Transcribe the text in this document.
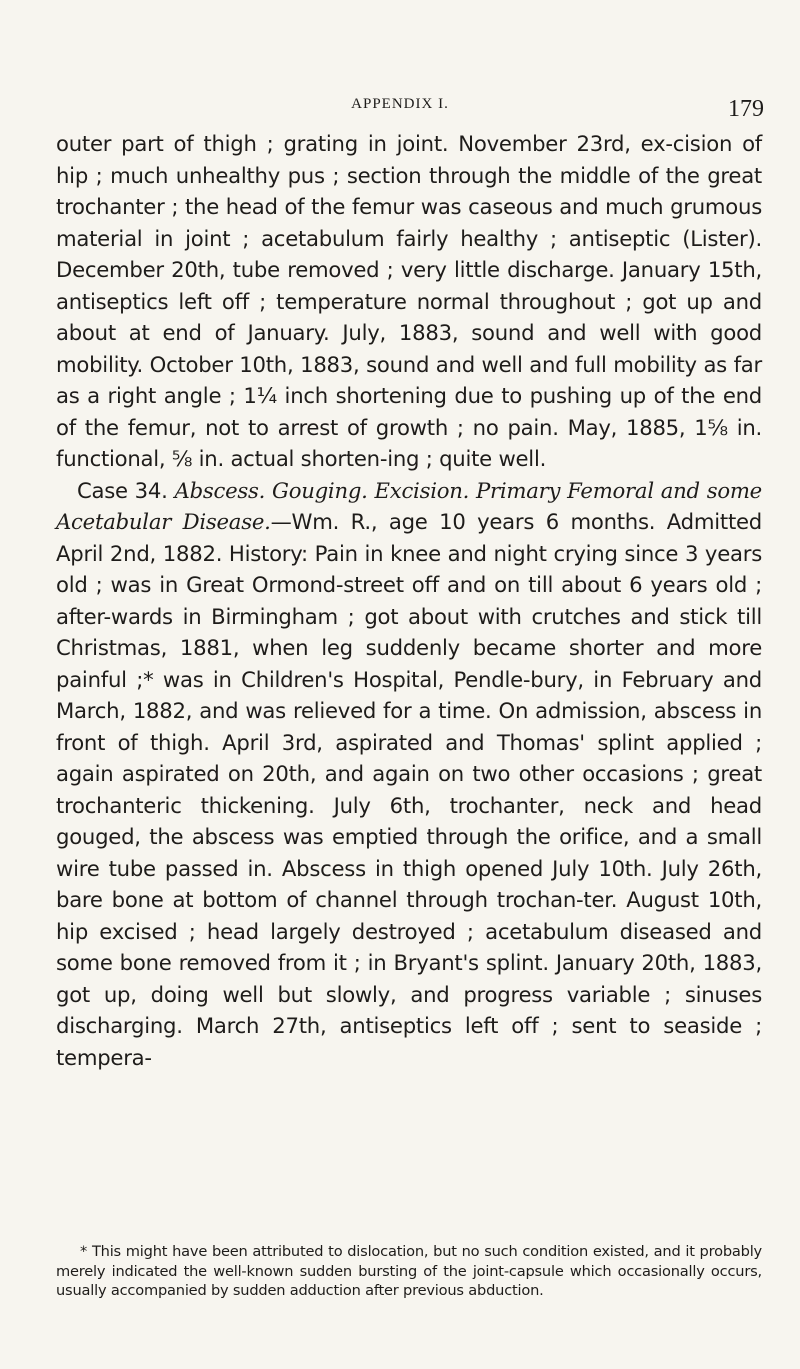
APPENDIX I.	179

outer part of thigh ; grating in joint. November 23rd, ex-cision of hip ; much unhealthy pus ; section through the middle of the great trochanter ; the head of the femur was caseous and much grumous material in joint ; acetabulum fairly healthy ; antiseptic (Lister). December 20th, tube removed ; very little discharge. January 15th, antiseptics left off ; temperature normal throughout ; got up and about at end of January. July, 1883, sound and well with good mobility. October 10th, 1883, sound and well and full mobility as far as a right angle ; 1¼ inch shortening due to pushing up of the end of the femur, not to arrest of growth ; no pain. May, 1885, 1⅝ in. functional, ⅝ in. actual shorten-ing ; quite well.

 Case 34. Abscess. Gouging. Excision. Primary Femoral and some Acetabular Disease.—Wm. R., age 10 years 6 months. Admitted April 2nd, 1882. History: Pain in knee and night crying since 3 years old ; was in Great Ormond-street off and on till about 6 years old ; after-wards in Birmingham ; got about with crutches and stick till Christmas, 1881, when leg suddenly became shorter and more painful ;* was in Children's Hospital, Pendle-bury, in February and March, 1882, and was relieved for a time. On admission, abscess in front of thigh. April 3rd, aspirated and Thomas' splint applied ; again aspirated on 20th, and again on two other occasions ; great trochanteric thickening. July 6th, trochanter, neck and head gouged, the abscess was emptied through the orifice, and a small wire tube passed in. Abscess in thigh opened July 10th. July 26th, bare bone at bottom of channel through trochan-ter. August 10th, hip excised ; head largely destroyed ; acetabulum diseased and some bone removed from it ; in Bryant's splint. January 20th, 1883, got up, doing well but slowly, and progress variable ; sinuses discharging. March 27th, antiseptics left off ; sent to seaside ; tempera-

* This might have been attributed to dislocation, but no such condition existed, and it probably merely indicated the well-known sudden bursting of the joint-capsule which occasionally occurs, usually accompanied by sudden adduction after previous abduction.
